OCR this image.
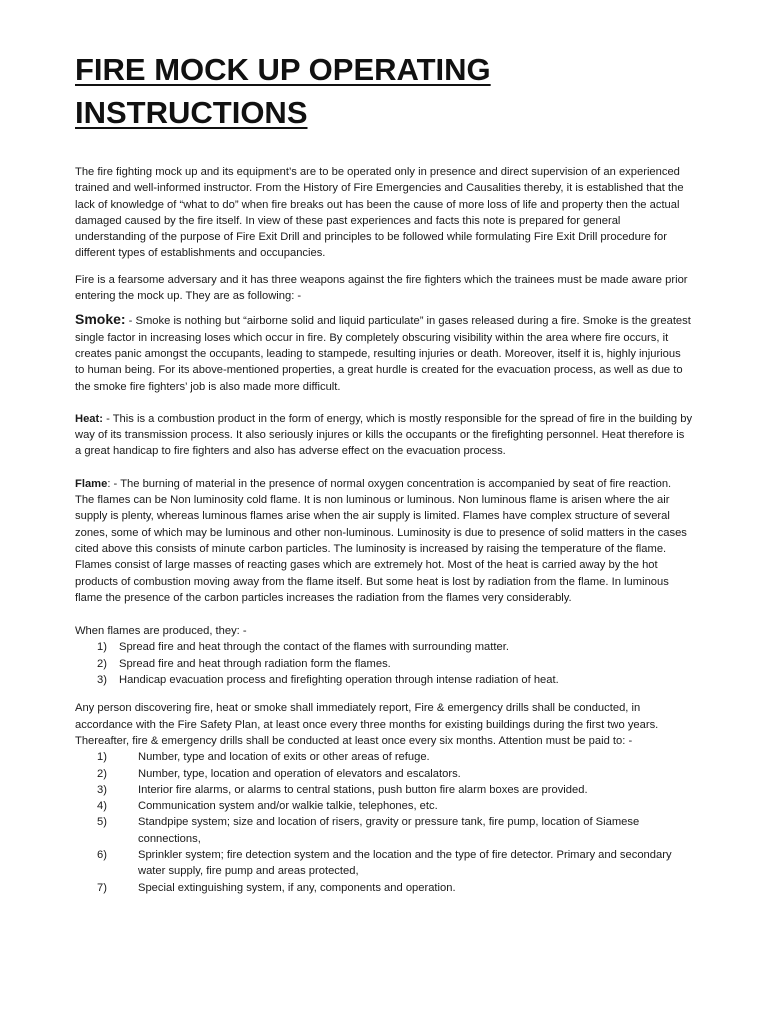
FIRE MOCK UP OPERATING INSTRUCTIONS

The fire fighting mock up and its equipment’s are to be operated only in presence and direct supervision of an experienced trained and well-informed instructor. From the History of Fire Emergencies and Causalities thereby, it is established that the lack of knowledge of “what to do” when fire breaks out has been the cause of more loss of life and property then the actual damaged caused by the fire itself. In view of these past experiences and facts this note is prepared for general understanding of the purpose of Fire Exit Drill and principles to be followed while formulating Fire Exit Drill procedure for different types of establishments and occupancies.

Fire is a fearsome adversary and it has three weapons against the fire fighters which the trainees must be made aware prior entering the mock up. They are as following: -

Smoke: - Smoke is nothing but “airborne solid and liquid particulate” in gases released during a fire. Smoke is the greatest single factor in increasing loses which occur in fire. By completely obscuring visibility within the area where fire occurs, it creates panic amongst the occupants, leading to stampede, resulting injuries or death. Moreover, itself it is, highly injurious to human being. For its above-mentioned properties, a great hurdle is created for the evacuation process, as well as due to the smoke fire fighters’ job is also made more difficult.

Heat: - This is a combustion product in the form of energy, which is mostly responsible for the spread of fire in the building by way of its transmission process. It also seriously injures or kills the occupants or the firefighting personnel. Heat therefore is a great handicap to fire fighters and also has adverse effect on the evacuation process.

Flame: - The burning of material in the presence of normal oxygen concentration is accompanied by seat of fire reaction. The flames can be Non luminosity cold flame. It is non luminous or luminous. Non luminous flame is arisen where the air supply is plenty, whereas luminous flames arise when the air supply is limited. Flames have complex structure of several zones, some of which may be luminous and other non-luminous. Luminosity is due to presence of solid matters in the cases cited above this consists of minute carbon particles. The luminosity is increased by raising the temperature of the flame. Flames consist of large masses of reacting gases which are extremely hot. Most of the heat is carried away by the hot products of combustion moving away from the flame itself. But some heat is lost by radiation from the flame. In luminous flame the presence of the carbon particles increases the radiation from the flames very considerably.

When flames are produced, they: -

1)	Spread fire and heat through the contact of the flames with surrounding matter.
2)	Spread fire and heat through radiation form the flames.
3)	Handicap evacuation process and firefighting operation through intense radiation of heat.

Any person discovering fire, heat or smoke shall immediately report, Fire & emergency drills shall be conducted, in accordance with the Fire Safety Plan, at least once every three months for existing buildings during the first two years. Thereafter, fire & emergency drills shall be conducted at least once every six months. Attention must be paid to: -

1)	Number, type and location of exits or other areas of refuge.
2)	Number, type, location and operation of elevators and escalators.
3)	Interior fire alarms, or alarms to central stations, push button fire alarm boxes are provided.
4)	Communication system and/or walkie talkie, telephones, etc.
5)	Standpipe system; size and location of risers, gravity or pressure tank, fire pump, location of Siamese connections,
6)	Sprinkler system; fire detection system and the location and the type of fire detector. Primary and secondary water supply, fire pump and areas protected,
7)	Special extinguishing system, if any, components and operation.
